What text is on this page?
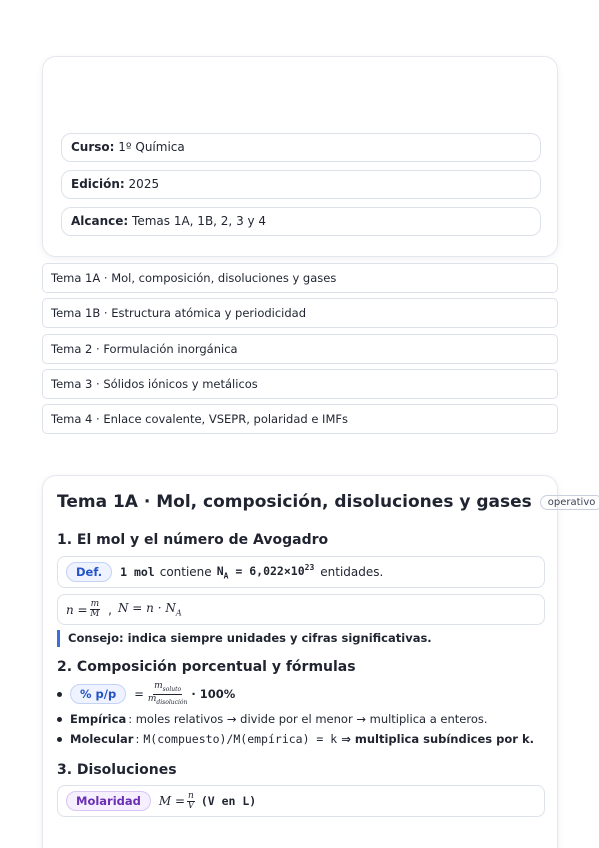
Curso: 1º Química
Edición: 2025
Alcance: Temas 1A, 1B, 2, 3 y 4
Tema 1A · Mol, composición, disoluciones y gases
Tema 1B · Estructura atómica y periodicidad
Tema 2 · Formulación inorgánica
Tema 3 · Sólidos iónicos y metálicos
Tema 4 · Enlace covalente, VSEPR, polaridad e IMFs
Tema 1A · Mol, composición, disoluciones y gases	operativo
1. El mol y el número de Avogadro
Def.	1 mol contiene $N_A = 6,022\times 10^{23}$ entidades.
$n = \frac{m}{M}$ , $N = n \cdot N_A$
Consejo: indica siempre unidades y cifras significativas.
2. Composición porcentual y fórmulas
% p/p	= $\frac{m_{soluto}}{m_{disolución}} \cdot 100\%$
Empírica : moles relativos → divide por el menor → multiplica a enteros.
Molecular : M(compuesto)/M(empírica) = k ⇒ multiplica subíndices por k.
3. Disoluciones
Molaridad	$M = \frac{n}{V} (V$ en L)
